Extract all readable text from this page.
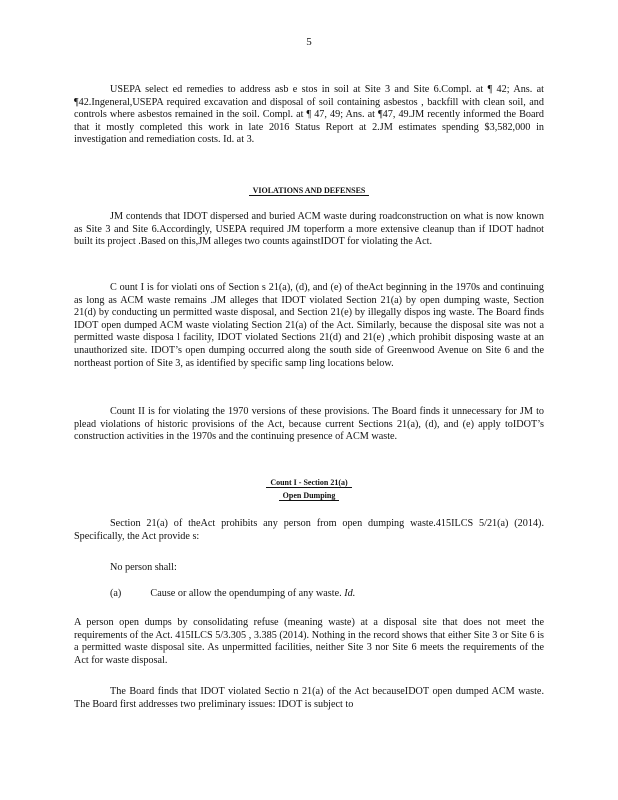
5

USEPA select ed remedies to address asb e stos in soil at Site 3 and Site 6.Compl. at ¶ 42; Ans. at ¶42.Ingeneral,USEPA required excavation and disposal of soil containing asbestos , backfill with clean soil, and controls where asbestos remained in the soil. Compl. at ¶ 47, 49; Ans. at ¶47, 49.JM recently informed the Board that it mostly completed this work in late 2016 Status Report at 2.JM estimates spending $3,582,000 in investigation and remediation costs. Id. at 3.

VIOLATIONS AND DEFENSES

JM contends that IDOT dispersed and buried ACM waste during roadconstruction on what is now known as Site 3 and Site 6.Accordingly, USEPA required JM toperform a more extensive cleanup than if IDOT hadnot built its project .Based on this,JM alleges two counts againstIDOT for violating the Act.

C ount I is for violati ons of Section s 21(a), (d), and (e) of theAct beginning in the 1970s and continuing as long as ACM waste remains .JM alleges that IDOT violated Section 21(a) by open dumping waste, Section 21(d) by conducting un permitted waste disposal, and Section 21(e) by illegally dispos ing waste. The Board finds IDOT open dumped ACM waste violating Section 21(a) of the Act. Similarly, because the disposal site was not a permitted waste disposa l facility, IDOT violated Sections 21(d) and 21(e) ,which prohibit disposing waste at an unauthorized site. IDOT’s open dumping occurred along the south side of Greenwood Avenue on Site 6 and the northeast portion of Site 3, as identified by specific samp ling locations below.

Count II is for violating the 1970 versions of these provisions. The Board finds it unnecessary for JM to plead violations of historic provisions of the Act, because current Sections 21(a), (d), and (e) apply toIDOT’s construction activities in the 1970s and the continuing presence of ACM waste.

Count I - Section 21(a)
Open Dumping

Section 21(a) of theAct prohibits any person from open dumping waste.415ILCS 5/21(a) (2014). Specifically, the Act provide s:

No person shall:

(a)	Cause or allow the opendumping of any waste. Id.

A person open dumps by consolidating refuse (meaning waste) at a disposal site that does not meet the requirements of the Act. 415ILCS 5/3.305 , 3.385 (2014). Nothing in the record shows that either Site 3 or Site 6 is a permitted waste disposal site. As unpermitted facilities, neither Site 3 nor Site 6 meets the requirements of the Act for waste disposal.

The Board finds that IDOT violated Sectio n 21(a) of the Act becauseIDOT open dumped ACM waste. The Board first addresses two preliminary issues: IDOT is subject to
